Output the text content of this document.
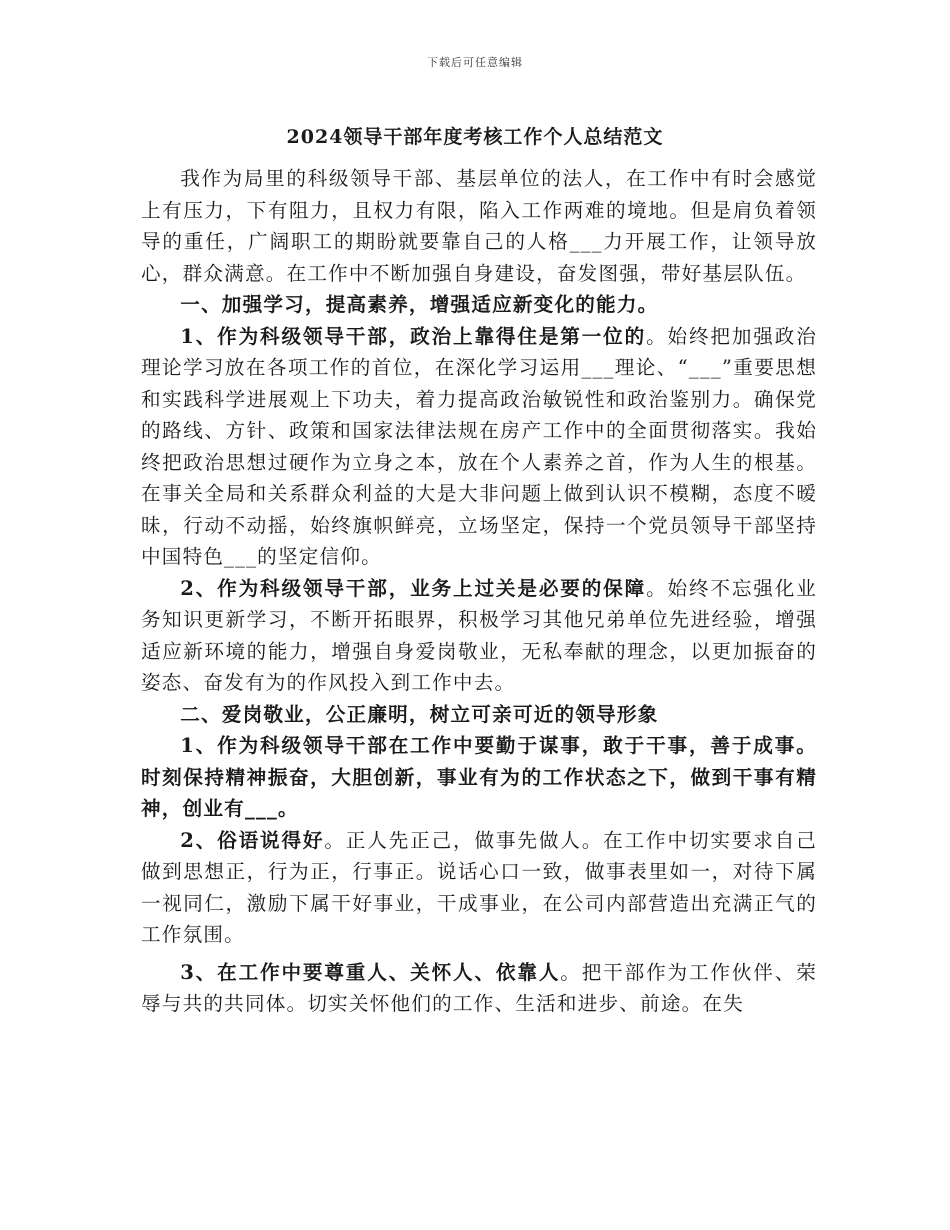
下载后可任意编辑
2024领导干部年度考核工作个人总结范文

我作为局里的科级领导干部、基层单位的法人，在工作中有时会感觉上有压力，下有阻力，且权力有限，陷入工作两难的境地。但是肩负着领导的重任，广阔职工的期盼就要靠自己的人格___力开展工作，让领导放心，群众满意。在工作中不断加强自身建设，奋发图强，带好基层队伍。

一、加强学习，提高素养，增强适应新变化的能力。

1、作为科级领导干部，政治上靠得住是第一位的。始终把加强政治理论学习放在各项工作的首位，在深化学习运用___理论、“___”重要思想和实践科学进展观上下功夫，着力提高政治敏锐性和政治鉴别力。确保党的路线、方针、政策和国家法律法规在房产工作中的全面贯彻落实。我始终把政治思想过硬作为立身之本，放在个人素养之首，作为人生的根基。在事关全局和关系群众利益的大是大非问题上做到认识不模糊，态度不暧昧，行动不动摇，始终旗帜鲜亮，立场坚定，保持一个党员领导干部坚持中国特色___的坚定信仰。

2、作为科级领导干部，业务上过关是必要的保障。始终不忘强化业务知识更新学习，不断开拓眼界，积极学习其他兄弟单位先进经验，增强适应新环境的能力，增强自身爱岗敬业，无私奉献的理念，以更加振奋的姿态、奋发有为的作风投入到工作中去。

二、爱岗敬业，公正廉明，树立可亲可近的领导形象

1、作为科级领导干部在工作中要勤于谋事，敢于干事，善于成事。时刻保持精神振奋，大胆创新，事业有为的工作状态之下，做到干事有精神，创业有___。

2、俗语说得好。正人先正己，做事先做人。在工作中切实要求自己做到思想正，行为正，行事正。说话心口一致，做事表里如一，对待下属一视同仁，激励下属干好事业，干成事业，在公司内部营造出充满正气的工作氛围。

3、在工作中要尊重人、关怀人、依靠人。把干部作为工作伙伴、荣辱与共的共同体。切实关怀他们的工作、生活和进步、前途。在失
